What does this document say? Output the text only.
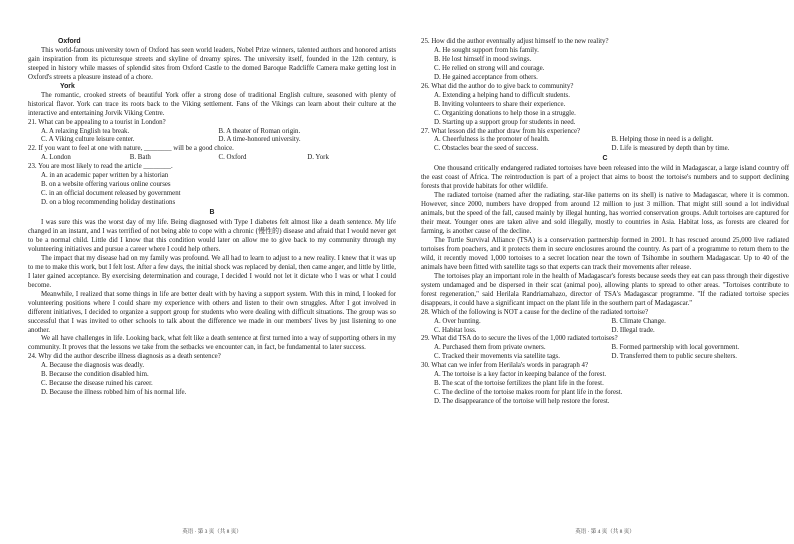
Oxford

This world-famous university town of Oxford has seen world leaders, Nobel Prize winners, talented authors and honored artists gain inspiration from its picturesque streets and skyline of dreamy spires. The university itself, founded in the 12th century, is steeped in history while masses of splendid sites from Oxford Castle to the domed Baroque Radcliffe Camera make getting lost in Oxford's streets a pleasure instead of a chore.

York

The romantic, crooked streets of beautiful York offer a strong dose of traditional English culture, seasoned with plenty of historical flavor. York can trace its roots back to the Viking settlement. Fans of the Vikings can learn about their culture at the interactive and entertaining Jorvik Viking Centre.

21. What can be appealing to a tourist in London?

A. A relaxing English tea break.	B. A theater of Roman origin.
C. A Viking culture leisure center.	D. A time-honored university.

22. If you want to feel at one with nature, ________ will be a good choice.

A. London	B. Bath	C. Oxford	D. York

23. You are most likely to read the article ________.

A. in an academic paper written by a historian

B. on a website offering various online courses

C. in an official document released by government

D. on a blog recommending holiday destinations

B

I was sure this was the worst day of my life. Being diagnosed with Type I diabetes felt almost like a death sentence. My life changed in an instant, and I was terrified of not being able to cope with a chronic (慢性的) disease and afraid that I would never get to be a normal child. Little did I know that this condition would later on allow me to give back to my community through my volunteering initiatives and pursue a career where I could help others.

The impact that my disease had on my family was profound. We all had to learn to adjust to a new reality. I knew that it was up to me to make this work, but I felt lost. After a few days, the initial shock was replaced by denial, then came anger, and little by little, I later gained acceptance. By exercising determination and courage, I decided I would not let it dictate who I was or what I could become.

Meanwhile, I realized that some things in life are better dealt with by having a support system. With this in mind, I looked for volunteering positions where I could share my experience with others and listen to their own struggles. After I got involved in different initiatives, I decided to organize a support group for students who were dealing with difficult situations. The group was so successful that I was invited to other schools to talk about the difference we made in our members' lives by just listening to one another.

We all have challenges in life. Looking back, what felt like a death sentence at first turned into a way of supporting others in my community. It proves that the lessons we take from the setbacks we encounter can, in fact, be fundamental to later success.

24. Why did the author describe illness diagnosis as a death sentence?

A. Because the diagnosis was deadly.

B. Because the condition disabled him.

C. Because the disease ruined his career.

D. Because the illness robbed him of his normal life.

英语 · 第 3 页（共 8 页）

25. How did the author eventually adjust himself to the new reality?

A. He sought support from his family.

B. He lost himself in mood swings.

C. He relied on strong will and courage.

D. He gained acceptance from others.

26. What did the author do to give back to community?

A. Extending a helping hand to difficult students.

B. Inviting volunteers to share their experience.

C. Organizing donations to help those in a struggle.

D. Starting up a support group for students in need.

27. What lesson did the author draw from his experience?

A. Cheerfulness is the promoter of health.	B. Helping those in need is a delight.
C. Obstacles bear the seed of success.	D. Life is measured by depth than by time.

C

One thousand critically endangered radiated tortoises have been released into the wild in Madagascar, a large island country off the east coast of Africa. The reintroduction is part of a project that aims to boost the tortoise's numbers and to support declining forests that provide habitats for other wildlife.

The radiated tortoise (named after the radiating, star-like patterns on its shell) is native to Madagascar, where it is common. However, since 2000, numbers have dropped from around 12 million to just 3 million. That might still sound a lot individual animals, but the speed of the fall, caused mainly by illegal hunting, has worried conservation groups. Adult tortoises are captured for their meat. Younger ones are taken alive and sold illegally, mostly to countries in Asia. Habitat loss, as forests are cleared for farming, is another cause of the decline.

The Turtle Survival Alliance (TSA) is a conservation partnership formed in 2001. It has rescued around 25,000 live radiated tortoises from poachers, and it protects them in secure enclosures around the country. As part of a programme to return them to the wild, it recently moved 1,000 tortoises to a secret location near the town of Tsihombe in southern Madagascar. Up to 40 of the animals have been fitted with satellite tags so that experts can track their movements after release.

The tortoises play an important role in the health of Madagascar's forests because seeds they eat can pass through their digestive system undamaged and be dispersed in their scat (animal poo), allowing plants to spread to other areas. "Tortoises contribute to forest regeneration," said Herilala Randriamahazo, director of TSA's Madagascar programme. "If the radiated tortoise species disappears, it could have a significant impact on the plant life in the southern part of Madagascar."

28. Which of the following is NOT a cause for the decline of the radiated tortoise?

A. Over hunting.	B. Climate Change.
C. Habitat loss.	D. Illegal trade.

29. What did TSA do to secure the lives of the 1,000 radiated tortoises?

A. Purchased them from private owners.	B. Formed partnership with local government.
C. Tracked their movements via satellite tags.	D. Transferred them to public secure shelters.

30. What can we infer from Herilala's words in paragraph 4?

A. The tortoise is a key factor in keeping balance of the forest.

B. The scat of the tortoise fertilizes the plant life in the forest.

C. The decline of the tortoise makes room for plant life in the forest.

D. The disappearance of the tortoise will help restore the forest.

英语 · 第 4 页（共 8 页）
